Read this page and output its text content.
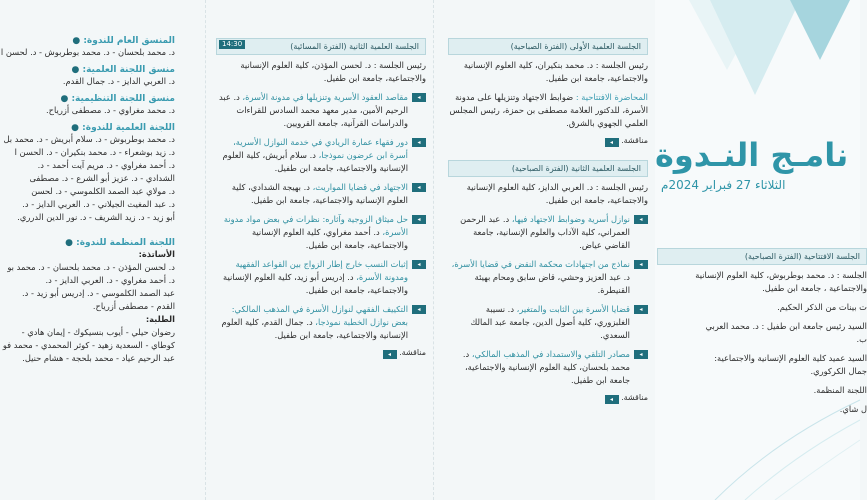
المنسق العام للندوة: ●
د. محمد بلحسان - د. محمد بوطربوش - د. لحسن ا
منسق اللجنة العلمية: ●
د. العربي الدايز - د. جمال القدم.
منسق اللجنة التنظيمية: ●
د. محمد مغراوي - د. مصطفى أزرياح.
اللجنة العلمية للندوة: ●
د. محمد بوطربوش - د. سلام أبريش - د. محمد بل
د. زيد بوشعراء - د. محمد بنكيران - د. الحسن ا
د. أحمد مغراوي - د. مريم آيت أحمد - د.
الشدادي - د. عزيز أبو الشرع - د. مصطفى
د. مولاي عبد الصمد الكلموسي - د. لحسن
د. عبد المغيث الجيلاني - د. العربي الدايز - د.
أبو زيد - د. زيد الشريف - د. نور الدين الدرري.
اللجنة المنظمة للندوة: ●
الأساتذة:
د. لحسن المؤذن - د. محمد بلحسان - د. محمد بو
د. أحمد مغراوي - د. العربي الدايز - د.
عبد الصمد الكلموسي - د. إدريس أبو زيد - د.
القدم - مصطفى أزرياح.
الطلبة:
رضوان حيلي - أيوب بنسيكوك - إيمان هادي -
كوطاي - السعدية زهيد - كوثر المحمدي - محمد فو
عبد الرحيم عياد - محمد بلحجة - هشام حنيل.
الجلسة العلمية الثانية (الفترة المسائية)
14:30
رئيس الجلسة : د. لحسن المؤذن، كلية العلوم الإنسانية والاجتماعية، جامعة ابن طفيل.
◂
مقاصد العقود الأسرية وتنزيلها في مدونة الأسرة، د. عبد الرحيم الأمين، مدير معهد محمد السادس للقراءات والدراسات القرآنية، جامعة القرويين.
◂
دور فقهاء عمارة الريادي في خدمة النوازل الأسرية، أسرة ابن عرضون نموذجا، د. سلام أبريش، كلية العلوم الإنسانية والاجتماعية، جامعة ابن طفيل.
◂
الاجتهاد في قضايا المواريث، د. بهيجة الشدادي، كلية العلوم الإنسانية والاجتماعية، جامعة ابن طفيل.
◂
حل ميثاق الزوجية وآثاره: نظرات في بعض مواد مدونة الأسرة، د. أحمد مغراوي، كلية العلوم الإنسانية والاجتماعية، جامعة ابن طفيل.
◂
إثبات النسب خارج إطار الزواج بين القواعد الفقهية ومدونة الأسرة، د. إدريس أبو زيد، كلية العلوم الإنسانية والاجتماعية، جامعة ابن طفيل.
◂
التكييف الفقهي لنوازل الأسرة في المذهب المالكي: بعض نوازل الخطبة نموذجا، د. جمال القدم، كلية العلوم الإنسانية والاجتماعية، جامعة ابن طفيل.
مناقشة. ◂
الجلسة العلمية الأولى (الفترة الصباحية)
رئيس الجلسة : د. محمد بنكيران، كلية العلوم الإنسانية والاجتماعية، جامعة ابن طفيل.
المحاضرة الافتتاحية : ضوابط الاجتهاد وتنزيلها على مدونة الأسرة، للدكتور العلامة مصطفى بن حمزة، رئيس المجلس العلمي الجهوي بالشرق.
مناقشة. ◂
الجلسة العلمية الثانية (الفترة الصباحية)
رئيس الجلسة : د. العربي الدايز، كلية العلوم الإنسانية والاجتماعية، جامعة ابن طفيل.
◂
نوازل أسرية وضوابط الاجتهاد فيها، د. عبد الرحمن العمراني، كلية الآداب والعلوم الإنسانية، جامعة القاضي عياض.
◂
نماذج من اجتهادات محكمة النقض في قضايا الأسرة، د. عبد العزيز وحشي، قاض سابق ومحام بهيئة القنيطرة.
◂
قضايا الأسرة بين الثابت والمتغير، د. نسيبة الغلبزوري، كلية أصول الدين، جامعة عبد المالك السعدي.
◂
مصادر التلقي والاستمداد في المذهب المالكي، د. محمد بلحسان، كلية العلوم الإنسانية والاجتماعية، جامعة ابن طفيل.
مناقشة. ◂
نامـج النـدوة
الثلاثاء 27 فبراير 2024م
الجلسة الافتتاحية (الفترة الصباحية)
الجلسة : د. محمد بوطربوش، كلية العلوم الإنسانية
والاجتماعية ، جامعة ابن طفيل.
ت بينات من الذكر الحكيم.
السيد رئيس جامعة ابن طفيل : د. محمد العربي
ب.
السيد عميد كلية العلوم الإنسانية والاجتماعية:
جمال الكركوري.
اللجنة المنظمة.
ل شاي.
